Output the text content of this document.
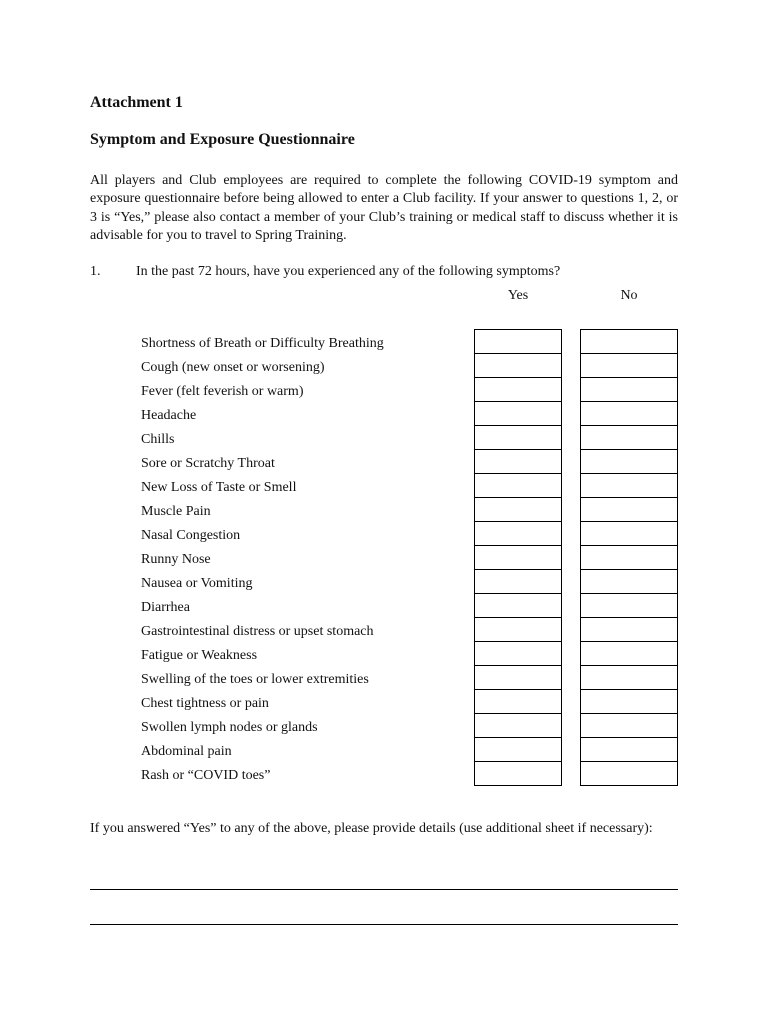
Attachment 1
Symptom and Exposure Questionnaire
All players and Club employees are required to complete the following COVID-19 symptom and exposure questionnaire before being allowed to enter a Club facility. If your answer to questions 1, 2, or 3 is “Yes,” please also contact a member of your Club’s training or medical staff to discuss whether it is advisable for you to travel to Spring Training.
1.	In the past 72 hours, have you experienced any of the following symptoms?
Yes	No
Shortness of Breath or Difficulty Breathing
Cough (new onset or worsening)
Fever (felt feverish or warm)
Headache
Chills
Sore or Scratchy Throat
New Loss of Taste or Smell
Muscle Pain
Nasal Congestion
Runny Nose
Nausea or Vomiting
Diarrhea
Gastrointestinal distress or upset stomach
Fatigue or Weakness
Swelling of the toes or lower extremities
Chest tightness or pain
Swollen lymph nodes or glands
Abdominal pain
Rash or “COVID toes”
If you answered “Yes” to any of the above, please provide details (use additional sheet if necessary):
